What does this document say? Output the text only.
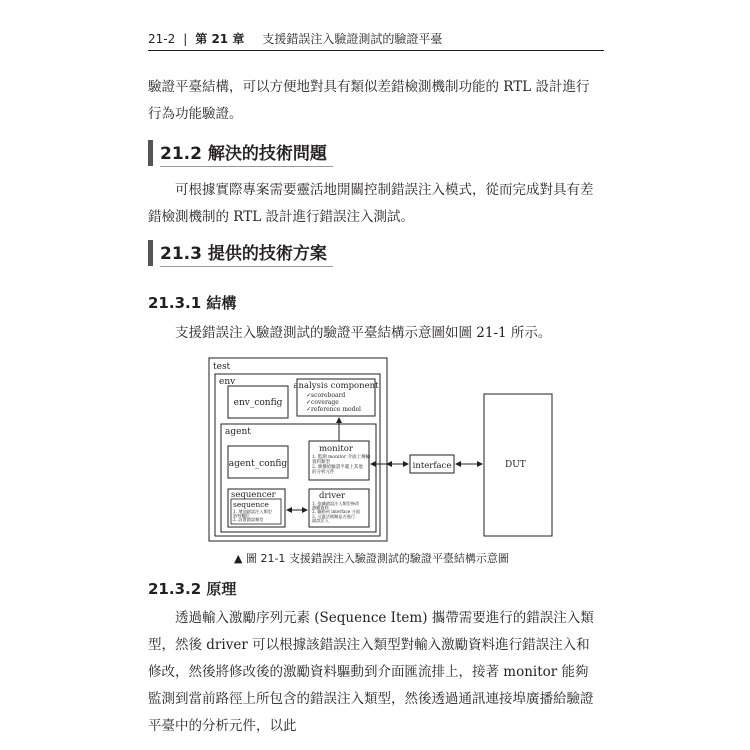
21-2 | 第 21 章 支援錯誤注入驗證測試的驗證平臺
驗證平臺結構，可以方便地對具有類似差錯檢測機制功能的 RTL 設計進行行為功能驗證。
21.2 解決的技術問題
可根據實際專案需要靈活地開關控制錯誤注入模式，從而完成對具有差錯檢測機制的 RTL 設計進行錯誤注入測試。
21.3 提供的技術方案
21.3.1 結構
支援錯誤注入驗證測試的驗證平臺結構示意圖如圖 21-1 所示。
test
env
env_config
analysis component
✓scoreboard
✓coverage
✓reference model
agent
agent_config
monitor
1. 監測 monitor 介面上傳輸
資料類型
2. 廣播給驗證平臺上其他
的分析元件
sequencer
sequence
1. 增加錯誤注入類型
資料欄位
2. 設置錯誤類型
driver
1. 依據錯誤注入類型修改
激勵資料
2. 驅動到 interface 介面
3. 可靈活開關是否進行
錯誤注入
interface	DUT
▲ 圖 21-1 支援錯誤注入驗證測試的驗證平臺結構示意圖
21.3.2 原理
透過輸入激勵序列元素 (Sequence Item) 攜帶需要進行的錯誤注入類型，然後 driver 可以根據該錯誤注入類型對輸入激勵資料進行錯誤注入和修改，然後將修改後的激勵資料驅動到介面匯流排上，接著 monitor 能夠監測到當前路徑上所包含的錯誤注入類型，然後透過通訊連接埠廣播給驗證平臺中的分析元件，以此
